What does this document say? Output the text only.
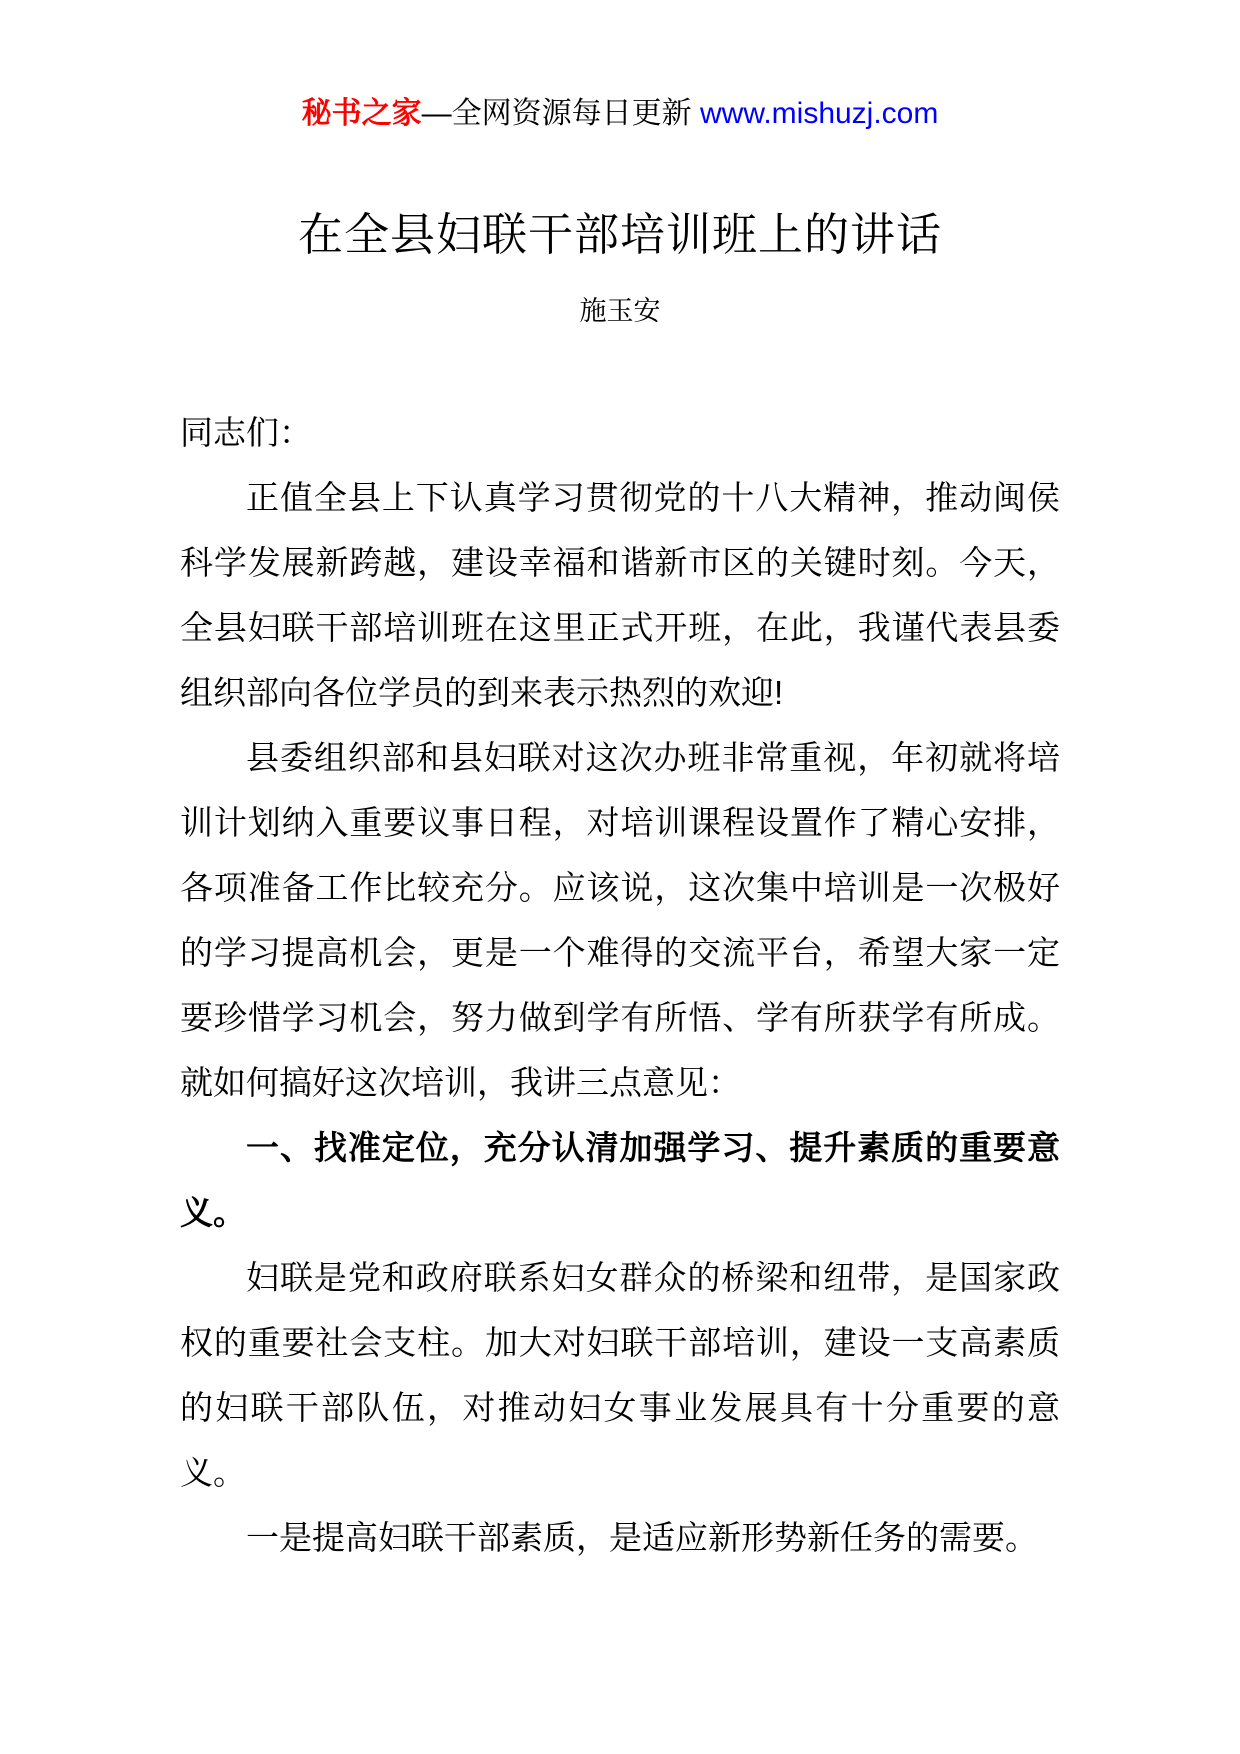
秘书之家—全网资源每日更新 www.mishuzj.com
在全县妇联干部培训班上的讲话
施玉安

同志们：

正值全县上下认真学习贯彻党的十八大精神，推动闽侯科学发展新跨越，建设幸福和谐新市区的关键时刻。今天，全县妇联干部培训班在这里正式开班，在此，我谨代表县委组织部向各位学员的到来表示热烈的欢迎!

县委组织部和县妇联对这次办班非常重视，年初就将培训计划纳入重要议事日程，对培训课程设置作了精心安排，各项准备工作比较充分。应该说，这次集中培训是一次极好的学习提高机会，更是一个难得的交流平台，希望大家一定要珍惜学习机会，努力做到学有所悟、学有所获学有所成。就如何搞好这次培训，我讲三点意见：

一、找准定位，充分认清加强学习、提升素质的重要意义。

妇联是党和政府联系妇女群众的桥梁和纽带，是国家政权的重要社会支柱。加大对妇联干部培训，建设一支高素质的妇联干部队伍，对推动妇女事业发展具有十分重要的意义。

一是提高妇联干部素质，是适应新形势新任务的需要。
